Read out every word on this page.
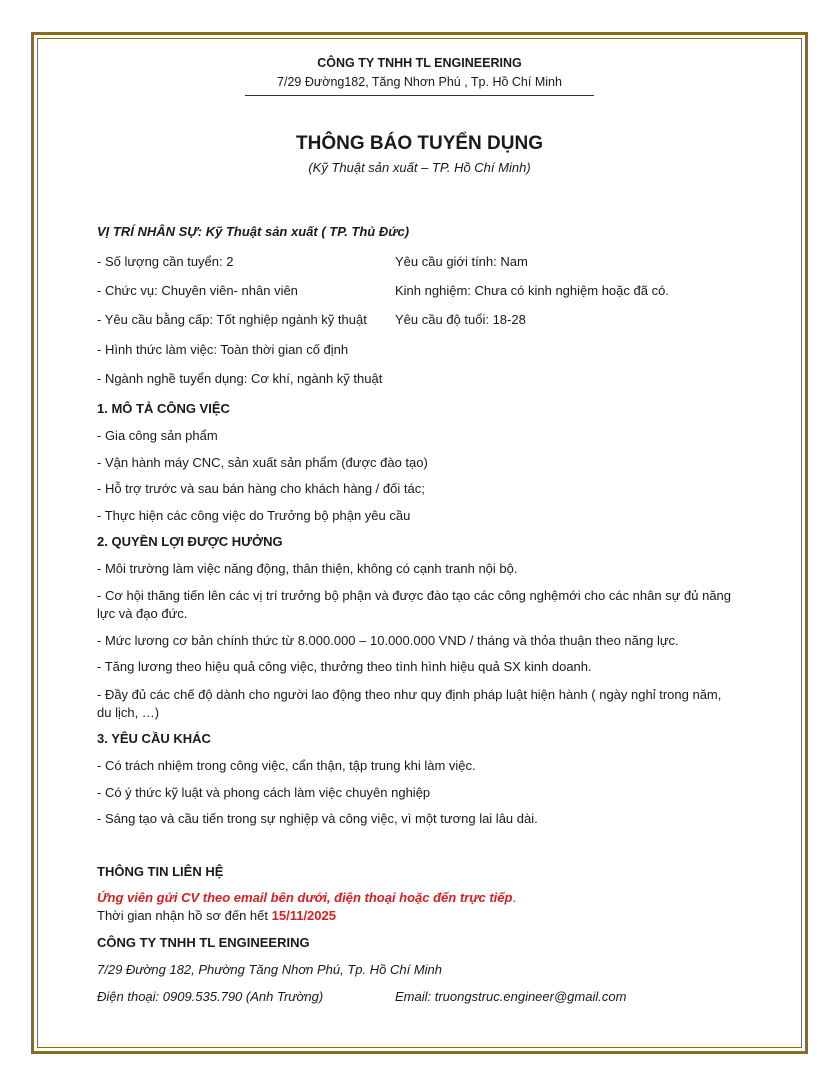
CÔNG TY TNHH TL ENGINEERING
7/29 Đường182, Tăng Nhơn Phú , Tp. Hồ Chí Minh
THÔNG BÁO TUYỂN DỤNG
(Kỹ Thuật sản xuất – TP. Hồ Chí Minh)
VỊ TRÍ NHÂN SỰ: Kỹ Thuật sản xuất ( TP. Thủ Đức)
- Số lượng cần tuyển: 2
- Chức vụ: Chuyên viên- nhân viên
- Yêu cầu bằng cấp: Tốt nghiệp ngành kỹ thuật
- Hình thức làm việc: Toàn thời gian cố định
- Ngành nghề tuyển dụng: Cơ khí, ngành kỹ thuật
Yêu cầu giới tính: Nam
Kinh nghiệm: Chưa có kinh nghiệm hoặc đã có.
Yêu cầu độ tuổi: 18-28
1. MÔ TẢ CÔNG VIỆC
- Gia công sản phẩm
- Vận hành máy CNC, sản xuất sản phẩm (được đào tạo)
- Hỗ trợ trước và sau bán hàng cho khách hàng / đối tác;
- Thực hiện các công việc do Trưởng bộ phận yêu cầu
2. QUYỀN LỢI ĐƯỢC HƯỞNG
- Môi trường làm việc năng động, thân thiện, không có cạnh tranh nội bộ.
- Cơ hội thăng tiến lên các vị trí trưởng bộ phận và được đào tạo các công nghệmới cho các nhân sự đủ năng lực và đạo đức.
- Mức lương cơ bản chính thức từ 8.000.000 – 10.000.000 VND / tháng và thỏa thuận theo năng lực.
- Tăng lương theo hiệu quả công việc, thưởng theo tình hình hiệu quả SX kinh doanh.
- Đầy đủ các chế độ dành cho người lao động theo như quy định pháp luật hiện hành ( ngày nghỉ trong năm, du lịch, …)
3. YÊU CẦU KHÁC
- Có trách nhiệm trong công việc, cẩn thận, tập trung khi làm việc.
- Có ý thức kỹ luật và phong cách làm việc chuyên nghiệp
- Sáng tạo và cầu tiến trong sự nghiệp và công việc, vì một tương lai lâu dài.
THÔNG TIN LIÊN HỆ
Ứng viên gửi CV theo email bên dưới, điện thoại hoặc đến trực tiếp.
Thời gian nhận hồ sơ đến hết 15/11/2025
CÔNG TY TNHH TL ENGINEERING
7/29 Đường 182, Phường Tăng Nhơn Phú, Tp. Hồ Chí Minh
Điện thoại: 0909.535.790 (Anh Trường)	Email: truongstruc.engineer@gmail.com
